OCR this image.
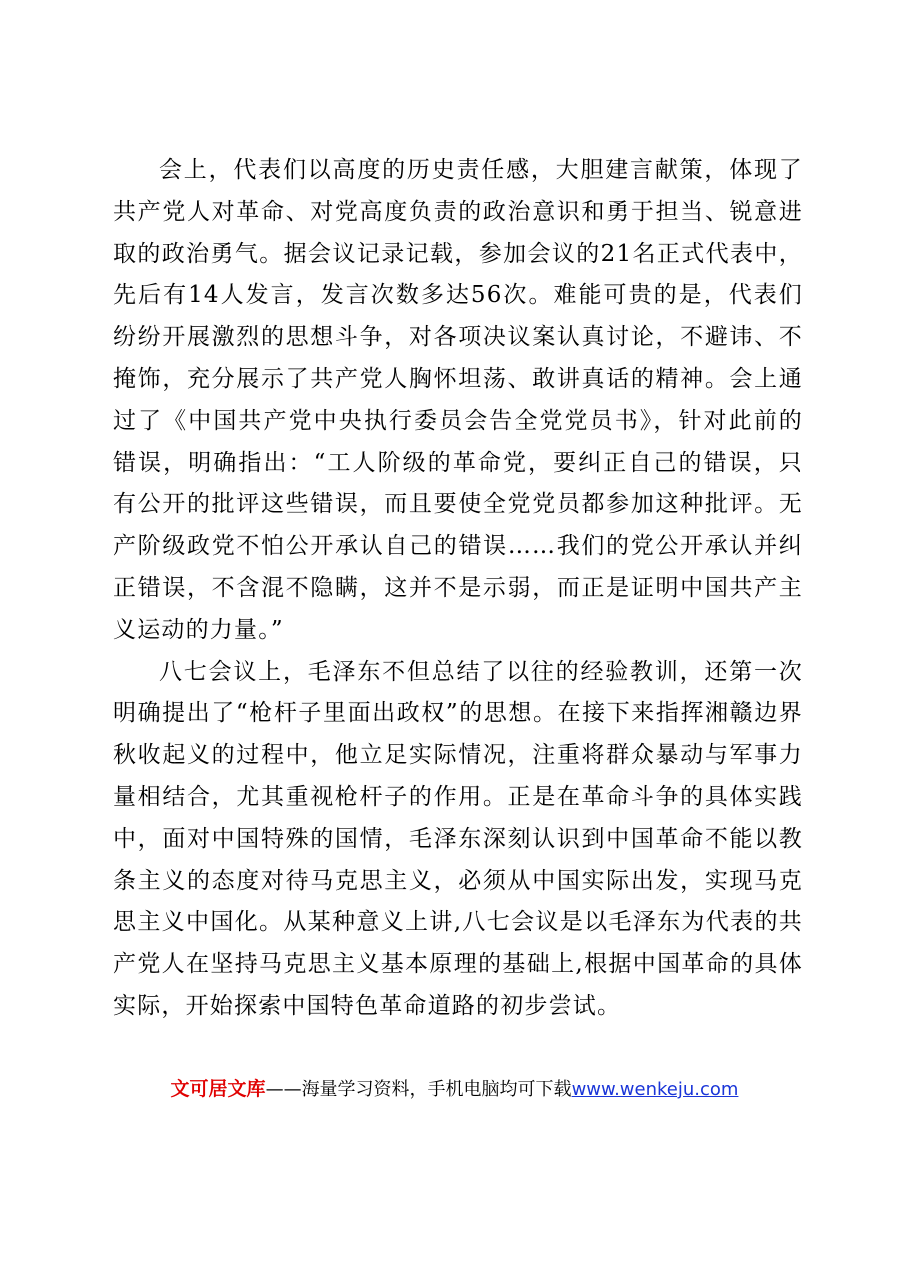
会上，代表们以高度的历史责任感，大胆建言献策，体现了共产党人对革命、对党高度负责的政治意识和勇于担当、锐意进取的政治勇气。据会议记录记载，参加会议的21名正式代表中，先后有14人发言，发言次数多达56次。难能可贵的是，代表们纷纷开展激烈的思想斗争，对各项决议案认真讨论，不避讳、不掩饰，充分展示了共产党人胸怀坦荡、敢讲真话的精神。会上通过了《中国共产党中央执行委员会告全党党员书》，针对此前的错误，明确指出：“工人阶级的革命党，要纠正自己的错误，只有公开的批评这些错误，而且要使全党党员都参加这种批评。无产阶级政党不怕公开承认自己的错误……我们的党公开承认并纠正错误，不含混不隐瞒，这并不是示弱，而正是证明中国共产主义运动的力量。”

八七会议上，毛泽东不但总结了以往的经验教训，还第一次明确提出了“枪杆子里面出政权”的思想。在接下来指挥湘赣边界秋收起义的过程中，他立足实际情况，注重将群众暴动与军事力量相结合，尤其重视枪杆子的作用。正是在革命斗争的具体实践中，面对中国特殊的国情，毛泽东深刻认识到中国革命不能以教条主义的态度对待马克思主义，必须从中国实际出发，实现马克思主义中国化。从某种意义上讲,八七会议是以毛泽东为代表的共产党人在坚持马克思主义基本原理的基础上,根据中国革命的具体实际，开始探索中国特色革命道路的初步尝试。

文可居文库——海量学习资料，手机电脑均可下载www.wenkeju.com
